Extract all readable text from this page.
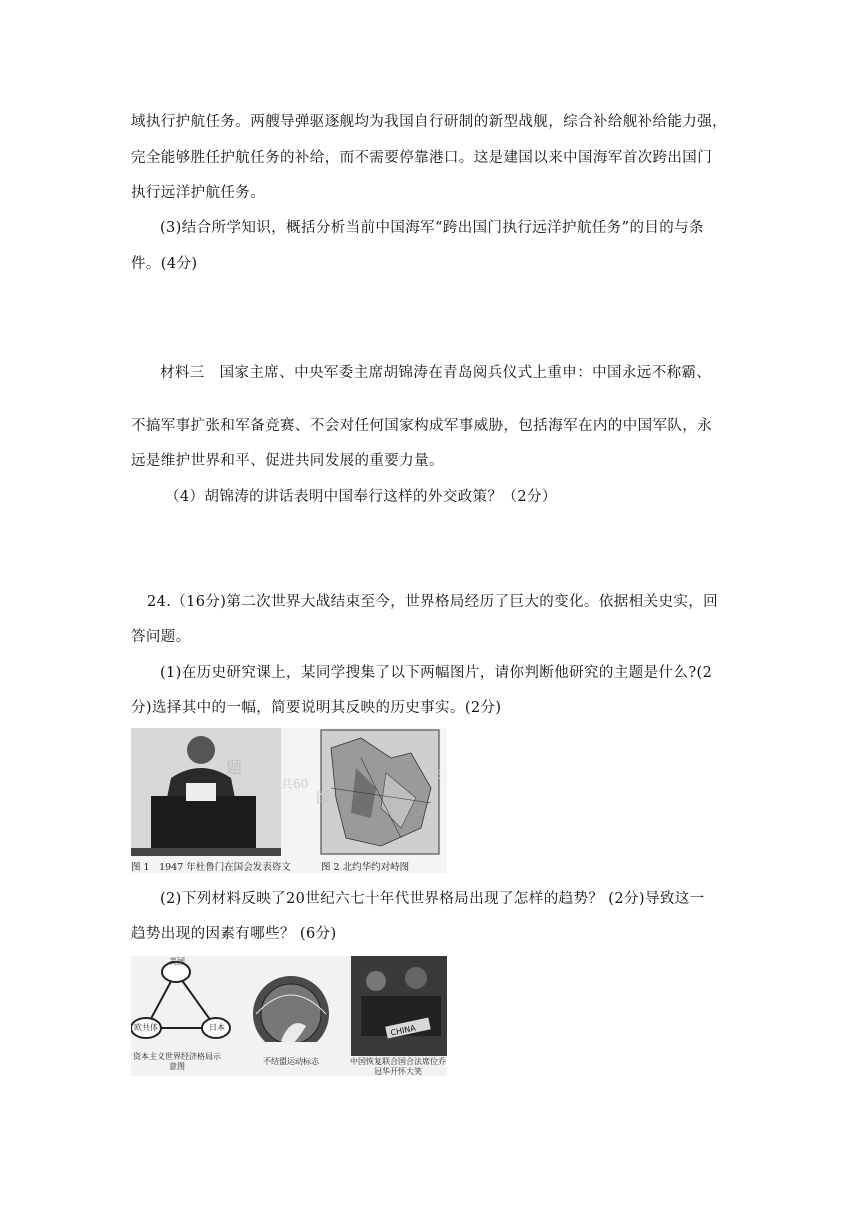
域执行护航任务。两艘导弹驱逐舰均为我国自行研制的新型战舰，综合补给舰补给能力强，
完全能够胜任护航任务的补给，而不需要停靠港口。这是建国以来中国海军首次跨出国门
执行远洋护航任务。
(3)结合所学知识，概括分析当前中国海军“跨出国门执行远洋护航任务”的目的与条
件。(4分)
材料三　国家主席、中央军委主席胡锦涛在青岛阅兵仪式上重申：中国永远不称霸、
不搞军事扩张和军备竞赛、不会对任何国家构成军事威胁，包括海军在内的中国军队，永
远是维护世界和平、促进共同发展的重要力量。
（4）胡锦涛的讲话表明中国奉行这样的外交政策？（2分）
24.（16分)第二次世界大战结束至今，世界格局经历了巨大的变化。依据相关史实，回
答问题。
(1)在历史研究课上，某同学搜集了以下两幅图片，请你判断他研究的主题是什么?(2
分)选择其中的一幅，简要说明其反映的历史事实。(2分)
题
共60
图
关
图 1　1947 年杜鲁门在国会发表咨文	图 2 北约华约对峙图
(2)下列材料反映了20世纪六七十年代世界格局出现了怎样的趋势？ (2分)导致这一
趋势出现的因素有哪些？ (6分)
CHINA
美国
欧共体	日本
资本主义世界经济格局示意图
不结盟运动标志	中国恢复联合国合法席位乔冠华开怀大笑
